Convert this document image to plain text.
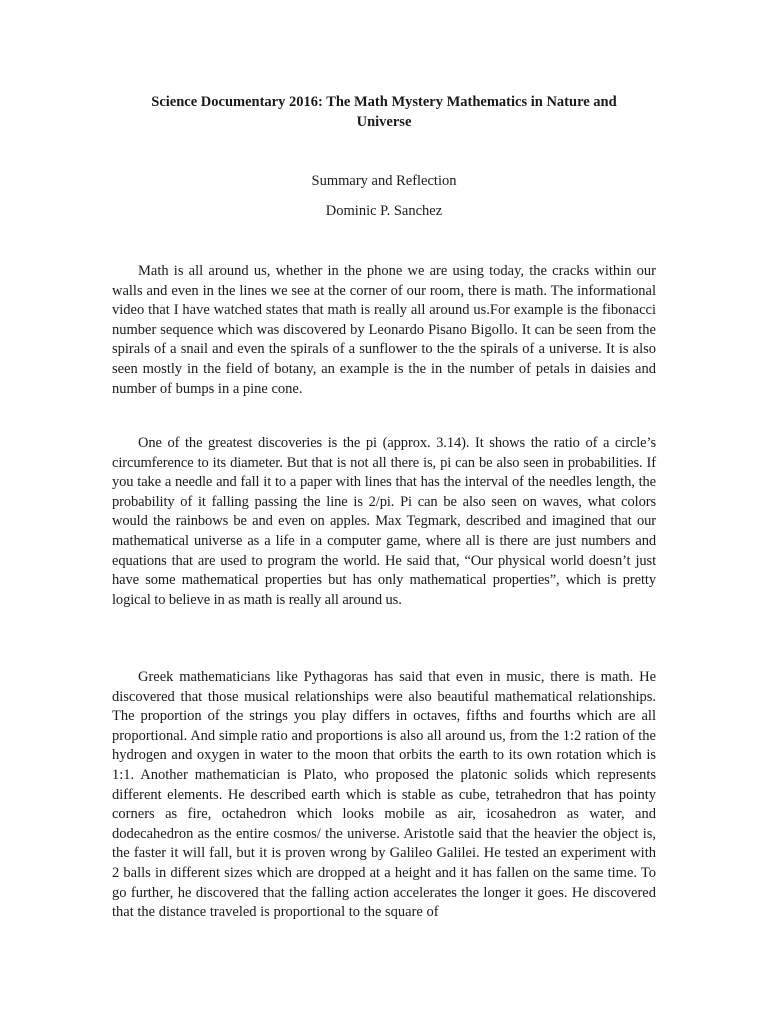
Science Documentary 2016: The Math Mystery Mathematics in Nature and Universe
Summary and Reflection
Dominic P. Sanchez

Math is all around us, whether in the phone we are using today, the cracks within our walls and even in the lines we see at the corner of our room, there is math. The informational video that I have watched states that math is really all around us.For example is the fibonacci number sequence which was discovered by Leonardo Pisano Bigollo. It can be seen from the spirals of a snail and even the spirals of a sunflower to the the spirals of a universe. It is also seen mostly in the field of botany, an example is the in the number of petals in daisies and number of bumps in a pine cone.

One of the greatest discoveries is the pi (approx. 3.14). It shows the ratio of a circle’s circumference to its diameter. But that is not all there is, pi can be also seen in probabilities. If you take a needle and fall it to a paper with lines that has the interval of the needles length, the probability of it falling passing the line is 2/pi. Pi can be also seen on waves, what colors would the rainbows be and even on apples. Max Tegmark, described and imagined that our mathematical universe as a life in a computer game, where all is there are just numbers and equations that are used to program the world. He said that, “Our physical world doesn’t just have some mathematical properties but has only mathematical properties”, which is pretty logical to believe in as math is really all around us.

Greek mathematicians like Pythagoras has said that even in music, there is math. He discovered that those musical relationships were also beautiful mathematical relationships. The proportion of the strings you play differs in octaves, fifths and fourths which are all proportional. And simple ratio and proportions is also all around us, from the 1:2 ration of the hydrogen and oxygen in water to the moon that orbits the earth to its own rotation which is 1:1. Another mathematician is Plato, who proposed the platonic solids which represents different elements. He described earth which is stable as cube, tetrahedron that has pointy corners as fire, octahedron which looks mobile as air, icosahedron as water, and dodecahedron as the entire cosmos/ the universe. Aristotle said that the heavier the object is, the faster it will fall, but it is proven wrong by Galileo Galilei. He tested an experiment with 2 balls in different sizes which are dropped at a height and it has fallen on the same time. To go further, he discovered that the falling action accelerates the longer it goes. He discovered that the distance traveled is proportional to the square of
